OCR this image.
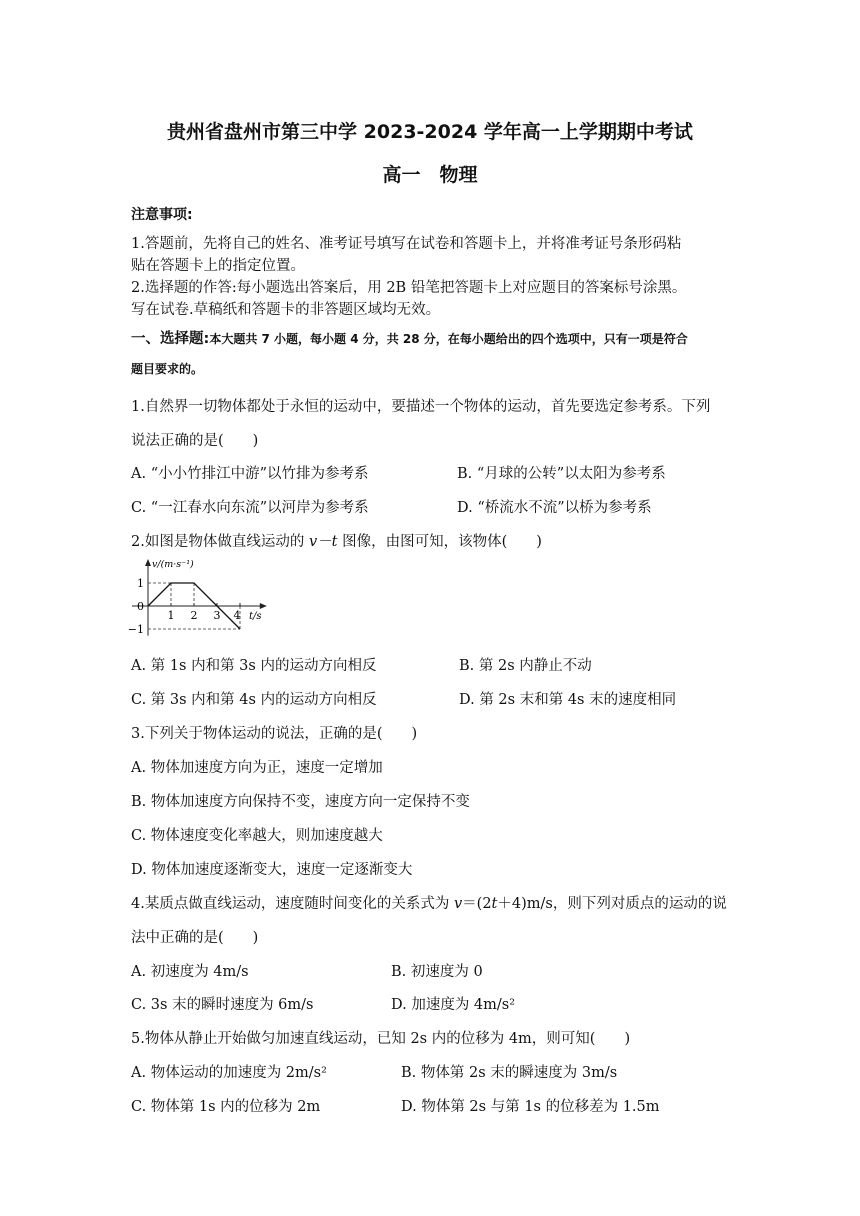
贵州省盘州市第三中学 2023-2024 学年高一上学期期中考试
高一　物理
注意事项:
1.答题前，先将自己的姓名、准考证号填写在试卷和答题卡上，并将准考证号条形码粘
贴在答题卡上的指定位置。
2.选择题的作答:每小题选出答案后，用 2B 铅笔把答题卡上对应题目的答案标号涂黑。
写在试卷.草稿纸和答题卡的非答题区域均无效。
一、选择题:本大题共 7 小题，每小题 4 分，共 28 分，在每小题给出的四个选项中，只有一项是符合
题目要求的。
1.自然界一切物体都处于永恒的运动中，要描述一个物体的运动，首先要选定参考系。下列
说法正确的是(　　)
A. “小小竹排江中游”以竹排为参考系	B. “月球的公转”以太阳为参考系
C. “一江春水向东流”以河岸为参考系	D. “桥流水不流”以桥为参考系
2.如图是物体做直线运动的 v－t 图像，由图可知，该物体(　　)
v/(m·s⁻¹)
t/s
1
0
−1
1 2 3 4
A. 第 1s 内和第 3s 内的运动方向相反	B. 第 2s 内静止不动
C. 第 3s 内和第 4s 内的运动方向相反	D. 第 2s 末和第 4s 末的速度相同
3.下列关于物体运动的说法，正确的是(　　)
A. 物体加速度方向为正，速度一定增加
B. 物体加速度方向保持不变，速度方向一定保持不变
C. 物体速度变化率越大，则加速度越大
D. 物体加速度逐渐变大，速度一定逐渐变大
4.某质点做直线运动，速度随时间变化的关系式为 v＝(2t＋4)m/s，则下列对质点的运动的说
法中正确的是(　　)
A. 初速度为 4m/s	B. 初速度为 0
C. 3s 末的瞬时速度为 6m/s	D. 加速度为 4m/s²
5.物体从静止开始做匀加速直线运动，已知 2s 内的位移为 4m，则可知(　　)
A. 物体运动的加速度为 2m/s²	B. 物体第 2s 末的瞬速度为 3m/s
C. 物体第 1s 内的位移为 2m	D. 物体第 2s 与第 1s 的位移差为 1.5m
